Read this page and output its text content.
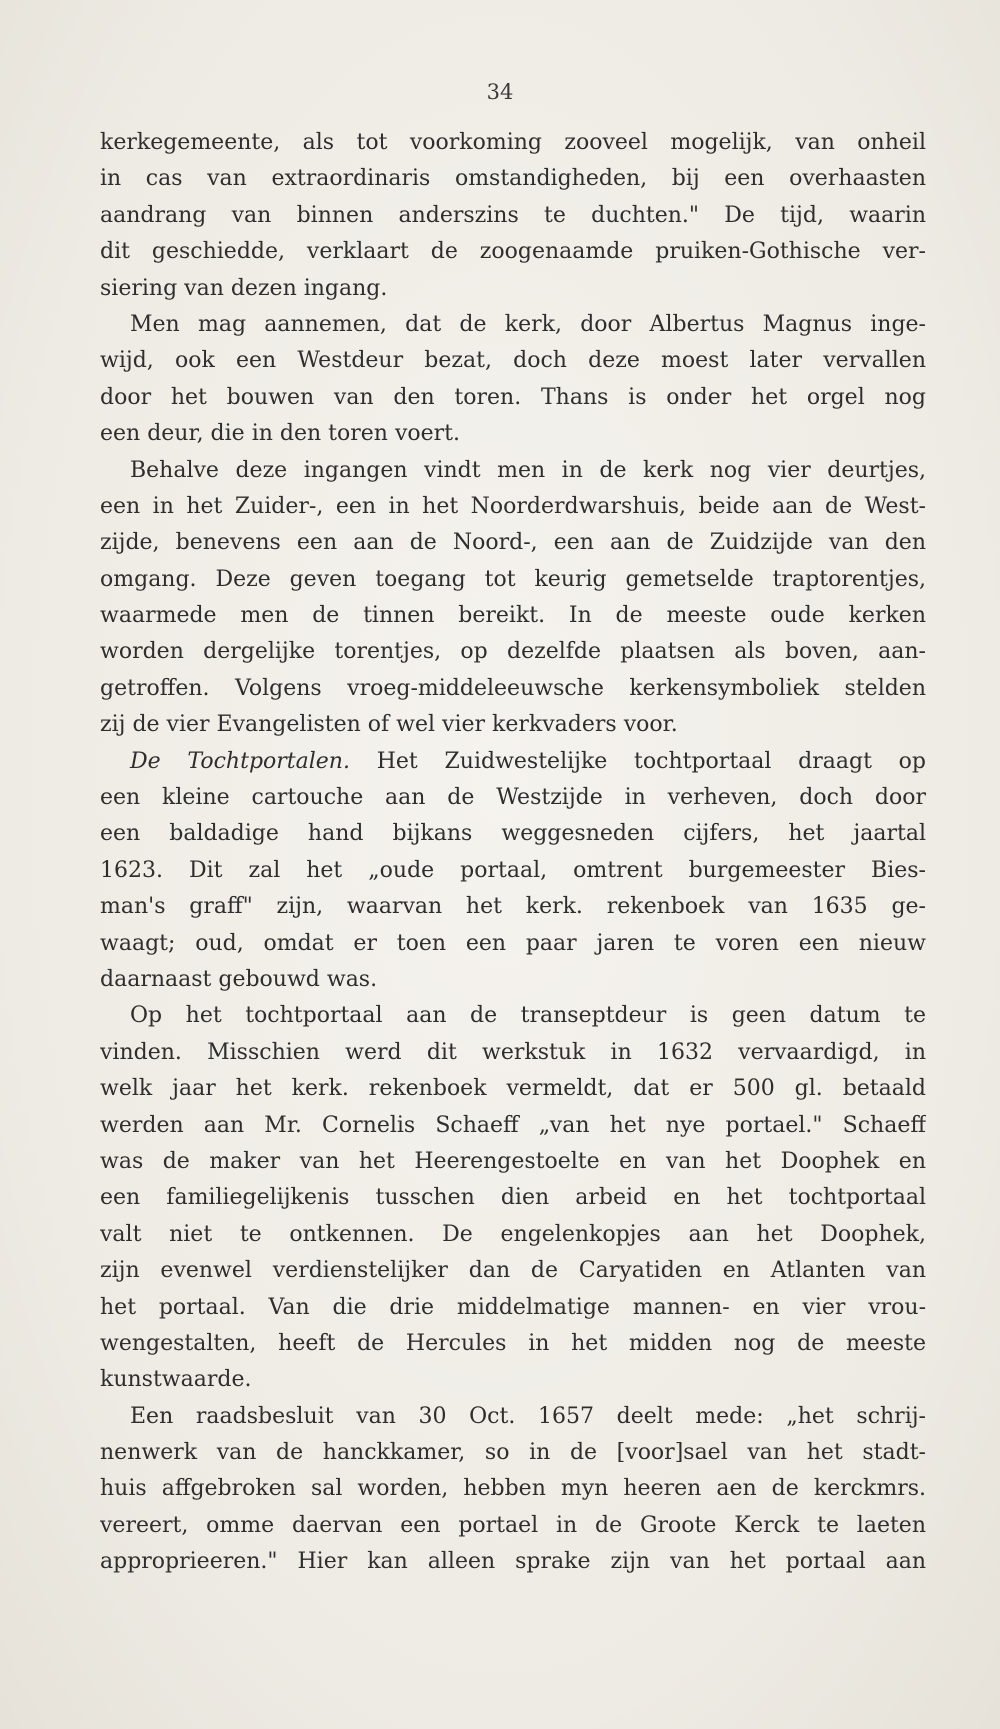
34
kerkegemeente, als tot voorkoming zooveel mogelijk, van onheil
in cas van extraordinaris omstandigheden, bij een overhaasten
aandrang van binnen anderszins te duchten." De tijd, waarin
dit geschiedde, verklaart de zoogenaamde pruiken-Gothische ver-
siering van dezen ingang.
Men mag aannemen, dat de kerk, door Albertus Magnus inge-
wijd, ook een Westdeur bezat, doch deze moest later vervallen
door het bouwen van den toren. Thans is onder het orgel nog
een deur, die in den toren voert.
Behalve deze ingangen vindt men in de kerk nog vier deurtjes,
een in het Zuider-, een in het Noorderdwarshuis, beide aan de West-
zijde, benevens een aan de Noord-, een aan de Zuidzijde van den
omgang. Deze geven toegang tot keurig gemetselde traptorentjes,
waarmede men de tinnen bereikt. In de meeste oude kerken
worden dergelijke torentjes, op dezelfde plaatsen als boven, aan-
getroffen. Volgens vroeg-middeleeuwsche kerkensymboliek stelden
zij de vier Evangelisten of wel vier kerkvaders voor.
De Tochtportalen. Het Zuidwestelijke tochtportaal draagt op
een kleine cartouche aan de Westzijde in verheven, doch door
een baldadige hand bijkans weggesneden cijfers, het jaartal
1623. Dit zal het „oude portaal, omtrent burgemeester Bies-
man's graff" zijn, waarvan het kerk. rekenboek van 1635 ge-
waagt; oud, omdat er toen een paar jaren te voren een nieuw
daarnaast gebouwd was.
Op het tochtportaal aan de transeptdeur is geen datum te
vinden. Misschien werd dit werkstuk in 1632 vervaardigd, in
welk jaar het kerk. rekenboek vermeldt, dat er 500 gl. betaald
werden aan Mr. Cornelis Schaeff „van het nye portael." Schaeff
was de maker van het Heerengestoelte en van het Doophek en
een familiegelijkenis tusschen dien arbeid en het tochtportaal
valt niet te ontkennen. De engelenkopjes aan het Doophek,
zijn evenwel verdienstelijker dan de Caryatiden en Atlanten van
het portaal. Van die drie middelmatige mannen- en vier vrou-
wengestalten, heeft de Hercules in het midden nog de meeste
kunstwaarde.
Een raadsbesluit van 30 Oct. 1657 deelt mede: „het schrij-
nenwerk van de hanckkamer, so in de [voor]sael van het stadt-
huis affgebroken sal worden, hebben myn heeren aen de kerckmrs.
vereert, omme daervan een portael in de Groote Kerck te laeten
approprieeren." Hier kan alleen sprake zijn van het portaal aan
